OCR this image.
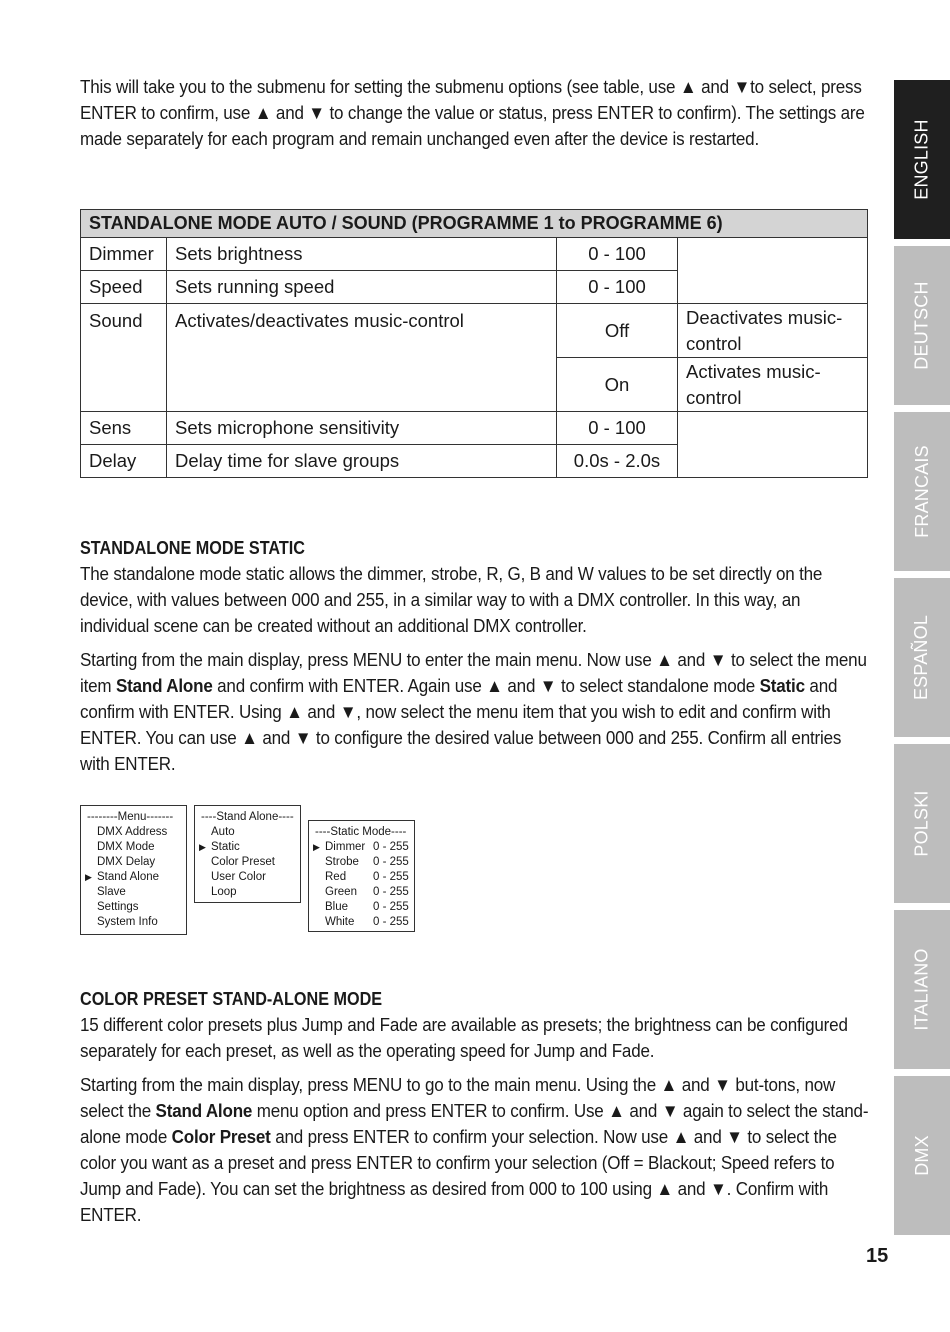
This will take you to the submenu for setting the submenu options (see table, use ▲ and ▼to select, press ENTER to confirm, use ▲ and ▼ to change the value or status, press ENTER to confirm). The settings are made separately for each program and remain unchanged even after the device is restarted.

STANDALONE MODE AUTO / SOUND (PROGRAMME 1 to PROGRAMME 6)			
Dimmer	Sets brightness	0 - 100	
Speed	Sets running speed	0 - 100	
Sound	Activates/deactivates music-control	Off	Deactivates music-control
		On	Activates music-control
Sens	Sets microphone sensitivity	0 - 100	
Delay	Delay time for slave groups	0.0s - 2.0s	
STANDALONE MODE STATIC

The standalone mode static allows the dimmer, strobe, R, G, B and W values to be set directly on the device, with values between 000 and 255, in a similar way to with a DMX controller. In this way, an individual scene can be created without an additional DMX controller.

Starting from the main display, press MENU to enter the main menu. Now use ▲ and ▼ to select the menu item Stand Alone and confirm with ENTER. Again use ▲ and ▼ to select standalone mode Static and confirm with ENTER. Using ▲ and ▼, now select the menu item that you wish to edit and confirm with ENTER. You can use ▲ and ▼ to configure the desired value between 000 and 255. Confirm all entries with ENTER.

--------Menu-------
DMX Address
DMX Mode
DMX Delay
▶ Stand Alone
Slave
Settings
System Info
----Stand Alone----
Auto
▶ Static
Color Preset
User Color
Loop
----Static Mode----
▶ Dimmer 0 - 255
Strobe 0 - 255
Red 0 - 255
Green 0 - 255
Blue 0 - 255
White 0 - 255
COLOR PRESET STAND-ALONE MODE

15 different color presets plus Jump and Fade are available as presets; the brightness can be configured separately for each preset, as well as the operating speed for Jump and Fade.

Starting from the main display, press MENU to go to the main menu. Using the ▲ and ▼ but-tons, now select the Stand Alone menu option and press ENTER to confirm. Use ▲ and ▼ again to select the stand-alone mode Color Preset and press ENTER to confirm your selection. Now use ▲ and ▼ to select the color you want as a preset and press ENTER to confirm your selection (Off = Blackout; Speed refers to Jump and Fade). You can set the brightness as desired from 000 to 100 using ▲ and ▼. Confirm with ENTER.

ENGLISH
DEUTSCH
FRANCAIS
ESPAÑOL
POLSKI
ITALIANO
DMX
15
